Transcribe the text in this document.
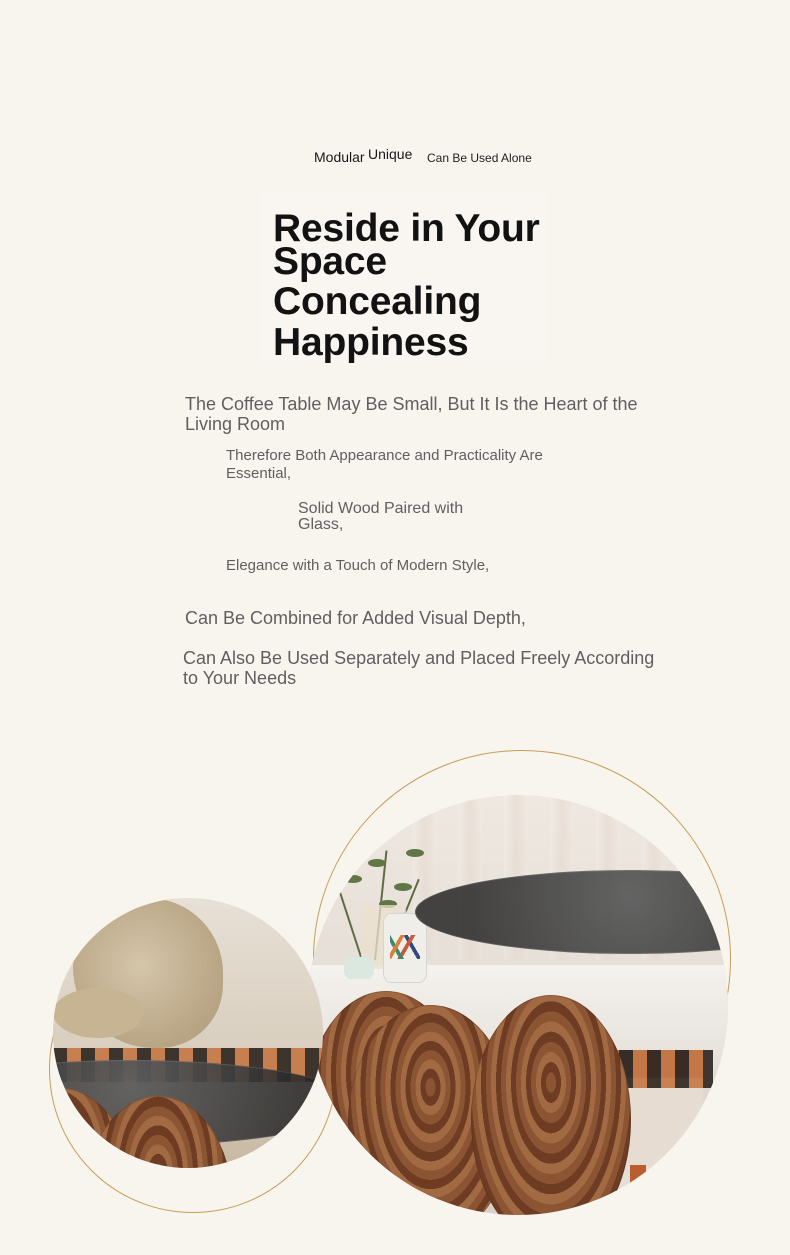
Modular Unique Can Be Used Alone
Reside in Your
Space
Concealing
Happiness
The Coffee Table May Be Small, But It Is the Heart of the Living Room
Therefore Both Appearance and Practicality Are Essential,
Solid Wood Paired with Glass,
Elegance with a Touch of Modern Style,
Can Be Combined for Added Visual Depth,
Can Also Be Used Separately and Placed Freely According to Your Needs
